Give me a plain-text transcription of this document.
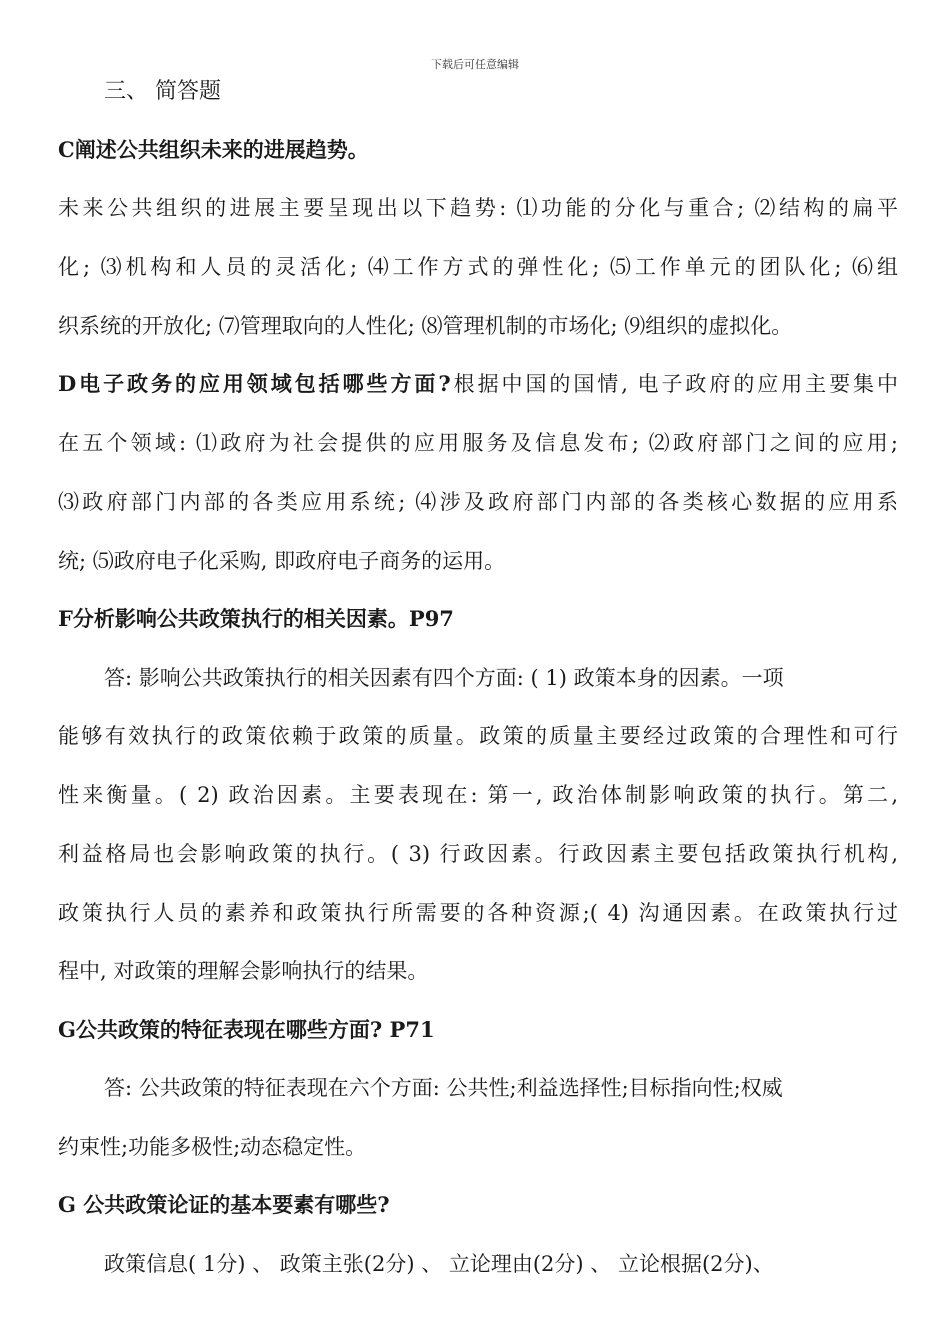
下载后可任意编辑
三、 简答题
C阐述公共组织未来的进展趋势。
未来公共组织的进展主要呈现出以下趋势: ⑴功能的分化与重合; ⑵结构的扁平
化; ⑶机构和人员的灵活化; ⑷工作方式的弹性化; ⑸工作单元的团队化; ⑹组
织系统的开放化; ⑺管理取向的人性化; ⑻管理机制的市场化; ⑼组织的虚拟化。
D电子政务的应用领域包括哪些方面?根据中国的国情, 电子政府的应用主要集中
在五个领域: ⑴政府为社会提供的应用服务及信息发布; ⑵政府部门之间的应用;
⑶政府部门内部的各类应用系统; ⑷涉及政府部门内部的各类核心数据的应用系
统; ⑸政府电子化采购, 即政府电子商务的运用。
F分析影响公共政策执行的相关因素。P97
答: 影响公共政策执行的相关因素有四个方面: ( 1) 政策本身的因素。一项
能够有效执行的政策依赖于政策的质量。政策的质量主要经过政策的合理性和可行
性来衡量。( 2) 政治因素。主要表现在: 第一, 政治体制影响政策的执行。第二,
利益格局也会影响政策的执行。( 3) 行政因素。行政因素主要包括政策执行机构,
政策执行人员的素养和政策执行所需要的各种资源;( 4) 沟通因素。在政策执行过
程中, 对政策的理解会影响执行的结果。
G公共政策的特征表现在哪些方面? P71
答: 公共政策的特征表现在六个方面: 公共性;利益选择性;目标指向性;权威
约束性;功能多极性;动态稳定性。
G 公共政策论证的基本要素有哪些?
政策信息( 1分) 、 政策主张(2分) 、 立论理由(2分) 、 立论根据(2分)、
